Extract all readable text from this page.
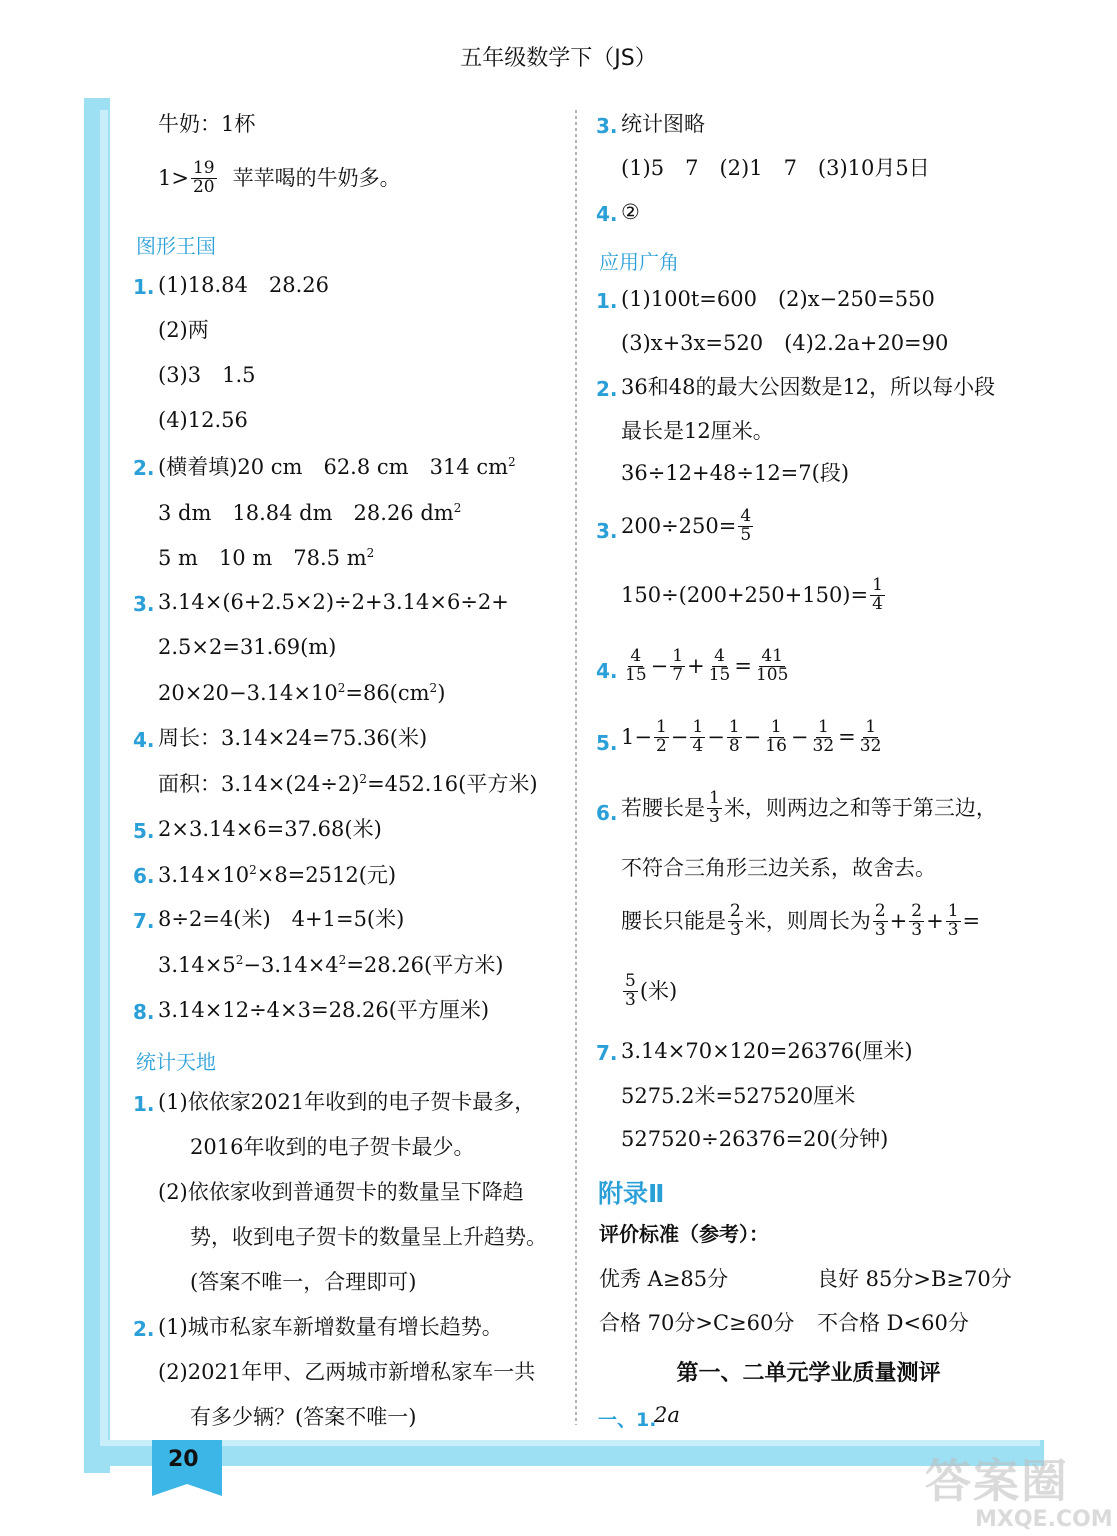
20	答案圈
MXQE.COM
五年级数学下（JS）
牛奶：1杯
$1> \frac{19}{20}$ 苹苹喝的牛奶多。
图形王国
1. (1)18.84　28.26
(2)两
(3)3　1.5
(4)12.56
2. (横着填)20 cm　62.8 cm　314 $cm^2$
3 dm　18.84 dm　28.26 $dm^2$
5 m　10 m　78.5 $m^2$
3. 3.14×(6+2.5×2)÷2+3.14×6÷2+
2.5×2=31.69(m)
$20\times 20-3.14\times 10^2=86(cm^2)$
4. 周长：3.14×24=75.36(米)
面积：$3.14\times(24\div 2)^2=452.16$(平方米)
5. 2×3.14×6=37.68(米)
6. $3.14\times 10^2\times 8=2512$(元)
7. 8÷2=4(米)　4+1=5(米)
$3.14\times 5^2-3.14\times 4^2=28.26$(平方米)
8. 3.14×12÷4×3=28.26(平方厘米)
统计天地
1. (1)依依家2021年收到的电子贺卡最多，
2016年收到的电子贺卡最少。
(2)依依家收到普通贺卡的数量呈下降趋
势，收到电子贺卡的数量呈上升趋势。
(答案不唯一，合理即可)
2. (1)城市私家车新增数量有增长趋势。
(2)2021年甲、乙两城市新增私家车一共
有多少辆？(答案不唯一)
3. 统计图略
(1)5　7　(2)1　7　(3)10月5日
4. ②
应用广角
1. (1)100t=600　(2)x−250=550
(3)x+3x=520　(4)2.2a+20=90
2. 36和48的最大公因数是12，所以每小段
最长是12厘米。
36÷12+48÷12=7(段)
3. $200\div 250= \frac{4}{5}$
$150\div(200+250+150)= \frac{1}{4}$
4. $\frac{4}{15} - \frac{1}{7} + \frac{4}{15} = \frac{41}{105}$
5. $1- \frac{1}{2} - \frac{1}{4} - \frac{1}{8} - \frac{1}{16} - \frac{1}{32} = \frac{1}{32}$
6. 若腰长是 $\frac{1}{3}$ 米，则两边之和等于第三边，
不符合三角形三边关系，故舍去。
腰长只能是 $\frac{2}{3}$ 米，则周长为 $\frac{2}{3} + \frac{2}{3} + \frac{1}{3}$ =
$\frac{5}{3}$ (米)
7. 3.14×70×120=26376(厘米)
5275.2米=527520厘米
527520÷26376=20(分钟)
附录Ⅱ
评价标准（参考）：
优秀 A≥85分	良好 85分>B≥70分
合格 70分>C≥60分 不合格 D<60分
第一、二单元学业质量测评
一、1.
2a
